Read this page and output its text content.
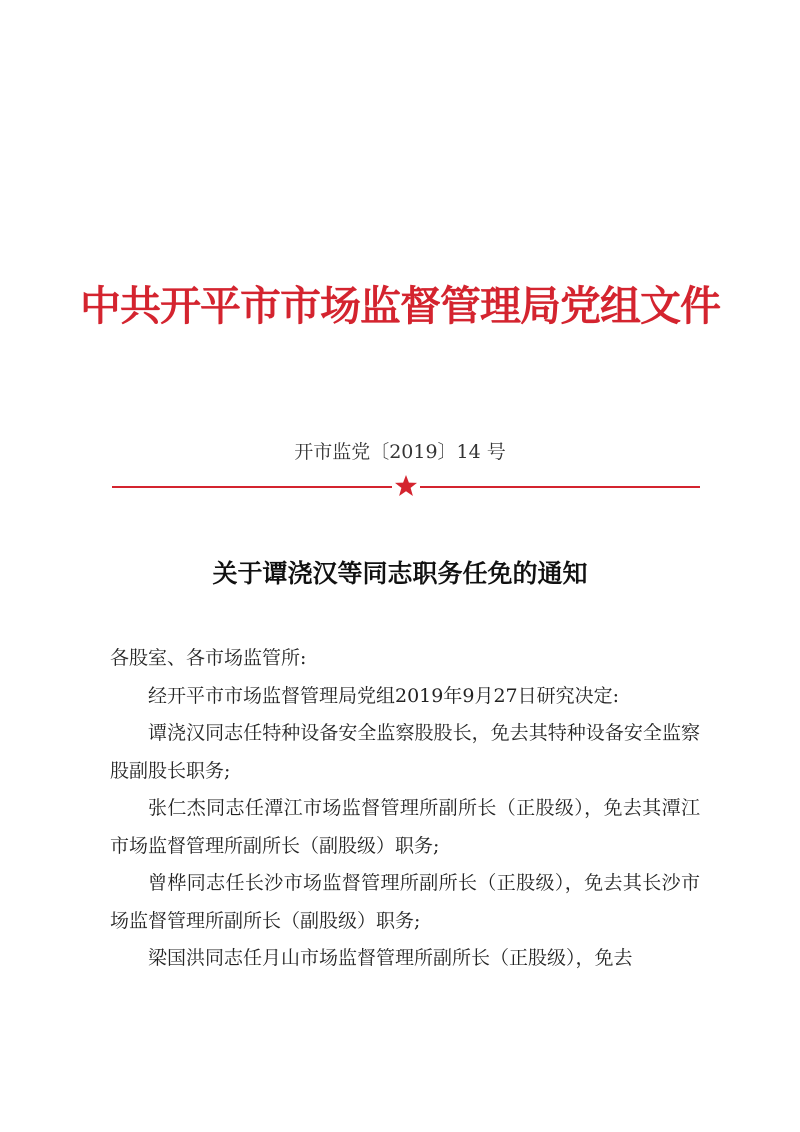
中共开平市市场监督管理局党组文件
开市监党〔2019〕14 号
关于谭浇汉等同志职务任免的通知

各股室、各市场监管所:

经开平市市场监督管理局党组2019年9月27日研究决定:

谭浇汉同志任特种设备安全监察股股长，免去其特种设备安全监察股副股长职务;

张仁杰同志任潭江市场监督管理所副所长（正股级），免去其潭江市场监督管理所副所长（副股级）职务;

曾桦同志任长沙市场监督管理所副所长（正股级），免去其长沙市场监督管理所副所长（副股级）职务;

梁国洪同志任月山市场监督管理所副所长（正股级），免去
